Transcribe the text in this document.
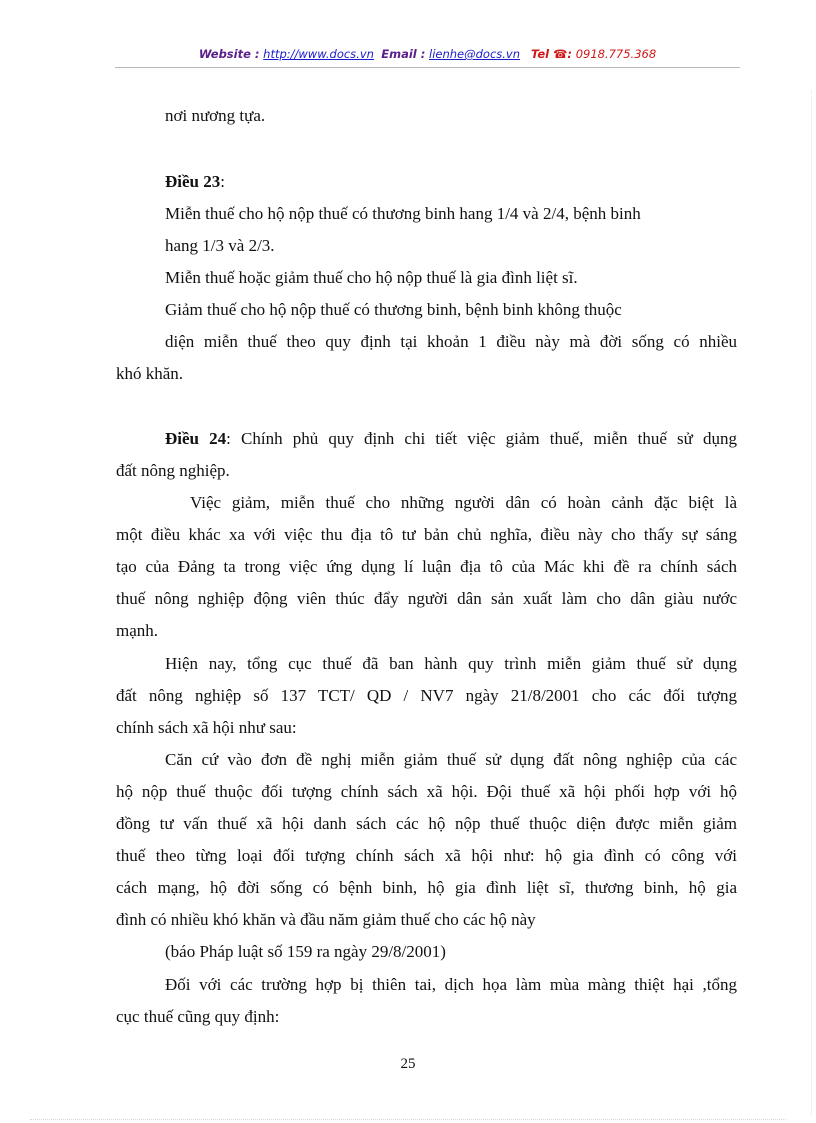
Website : http://www.docs.vn Email : lienhe@docs.vn Tel ☎: 0918.775.368
nơi nương tựa.
Điều 23:
Miễn thuế cho hộ nộp thuế có thương binh hang 1/4 và 2/4, bệnh binh
hang 1/3 và 2/3.
Miễn thuế hoặc giảm thuế cho hộ nộp thuế là gia đình liệt sĩ.
Giảm thuế cho hộ nộp thuế có thương binh, bệnh binh không thuộc
diện miễn thuế theo quy định tại khoản 1 điều này mà đời sống có nhiều
khó khăn.
Điều 24: Chính phủ quy định chi tiết việc giảm thuế, miễn thuế sử dụng
đất nông nghiệp.
Việc giảm, miễn thuế cho những người dân có hoàn cảnh đặc biệt là
một điều khác xa với việc thu địa tô tư bản chủ nghĩa, điều này cho thấy sự sáng
tạo của Đảng ta trong việc ứng dụng lí luận địa tô của Mác khi đề ra chính sách
thuế nông nghiệp động viên thúc đẩy người dân sản xuất làm cho dân giàu nước
mạnh.
Hiện nay, tổng cục thuế đã ban hành quy trình miễn giảm thuế sử dụng
đất nông nghiệp số 137 TCT/ QD / NV7 ngày 21/8/2001 cho các đối tượng
chính sách xã hội như sau:
Căn cứ vào đơn đề nghị miễn giảm thuế sử dụng đất nông nghiệp của các
hộ nộp thuế thuộc đối tượng chính sách xã hội. Đội thuế xã hội phối hợp với hộ
đồng tư vấn thuế xã hội danh sách các hộ nộp thuế thuộc diện được miễn giảm
thuế theo từng loại đối tượng chính sách xã hội như: hộ gia đình có công với
cách mạng, hộ đời sống có bệnh binh, hộ gia đình liệt sĩ, thương binh, hộ gia
đình có nhiều khó khăn và đầu năm giảm thuế cho các hộ này
(báo Pháp luật số 159 ra ngày 29/8/2001)
Đối với các trường hợp bị thiên tai, dịch họa làm mùa màng thiệt hại ,tổng
cục thuế cũng quy định:
25
